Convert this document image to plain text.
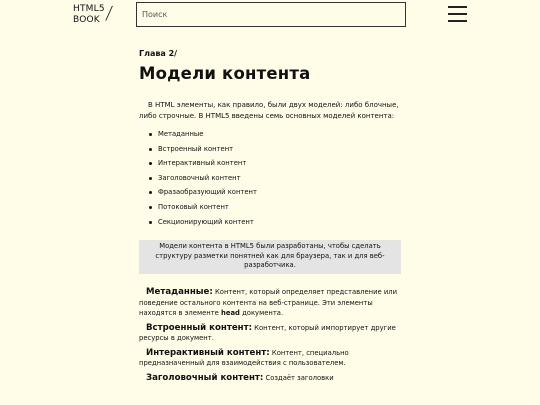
HTML5
BOOK /
Поиск
Глава 2/
Модели контента

В HTML элементы, как правило, были двух моделей: либо блочные, либо строчные. В HTML5 введены семь основных моделей контента:

Метаданные
Встроенный контент
Интерактивный контент
Заголовочный контент
Фразаобразующий контент
Потоковый контент
Секционирующий контент
Модели контента в HTML5 были разработаны, чтобы сделать структуру разметки понятней как для браузера, так и для веб-разработчика.

Метаданные: Контент, который определяет представление или поведение остального контента на веб-странице. Эти элементы находятся в элементе head документа.

Встроенный контент: Контент, который импортирует другие ресурсы в документ.

Интерактивный контент: Контент, специально предназначенный для взаимодействия с пользователем.

Заголовочный контент: Создаёт заголовки
